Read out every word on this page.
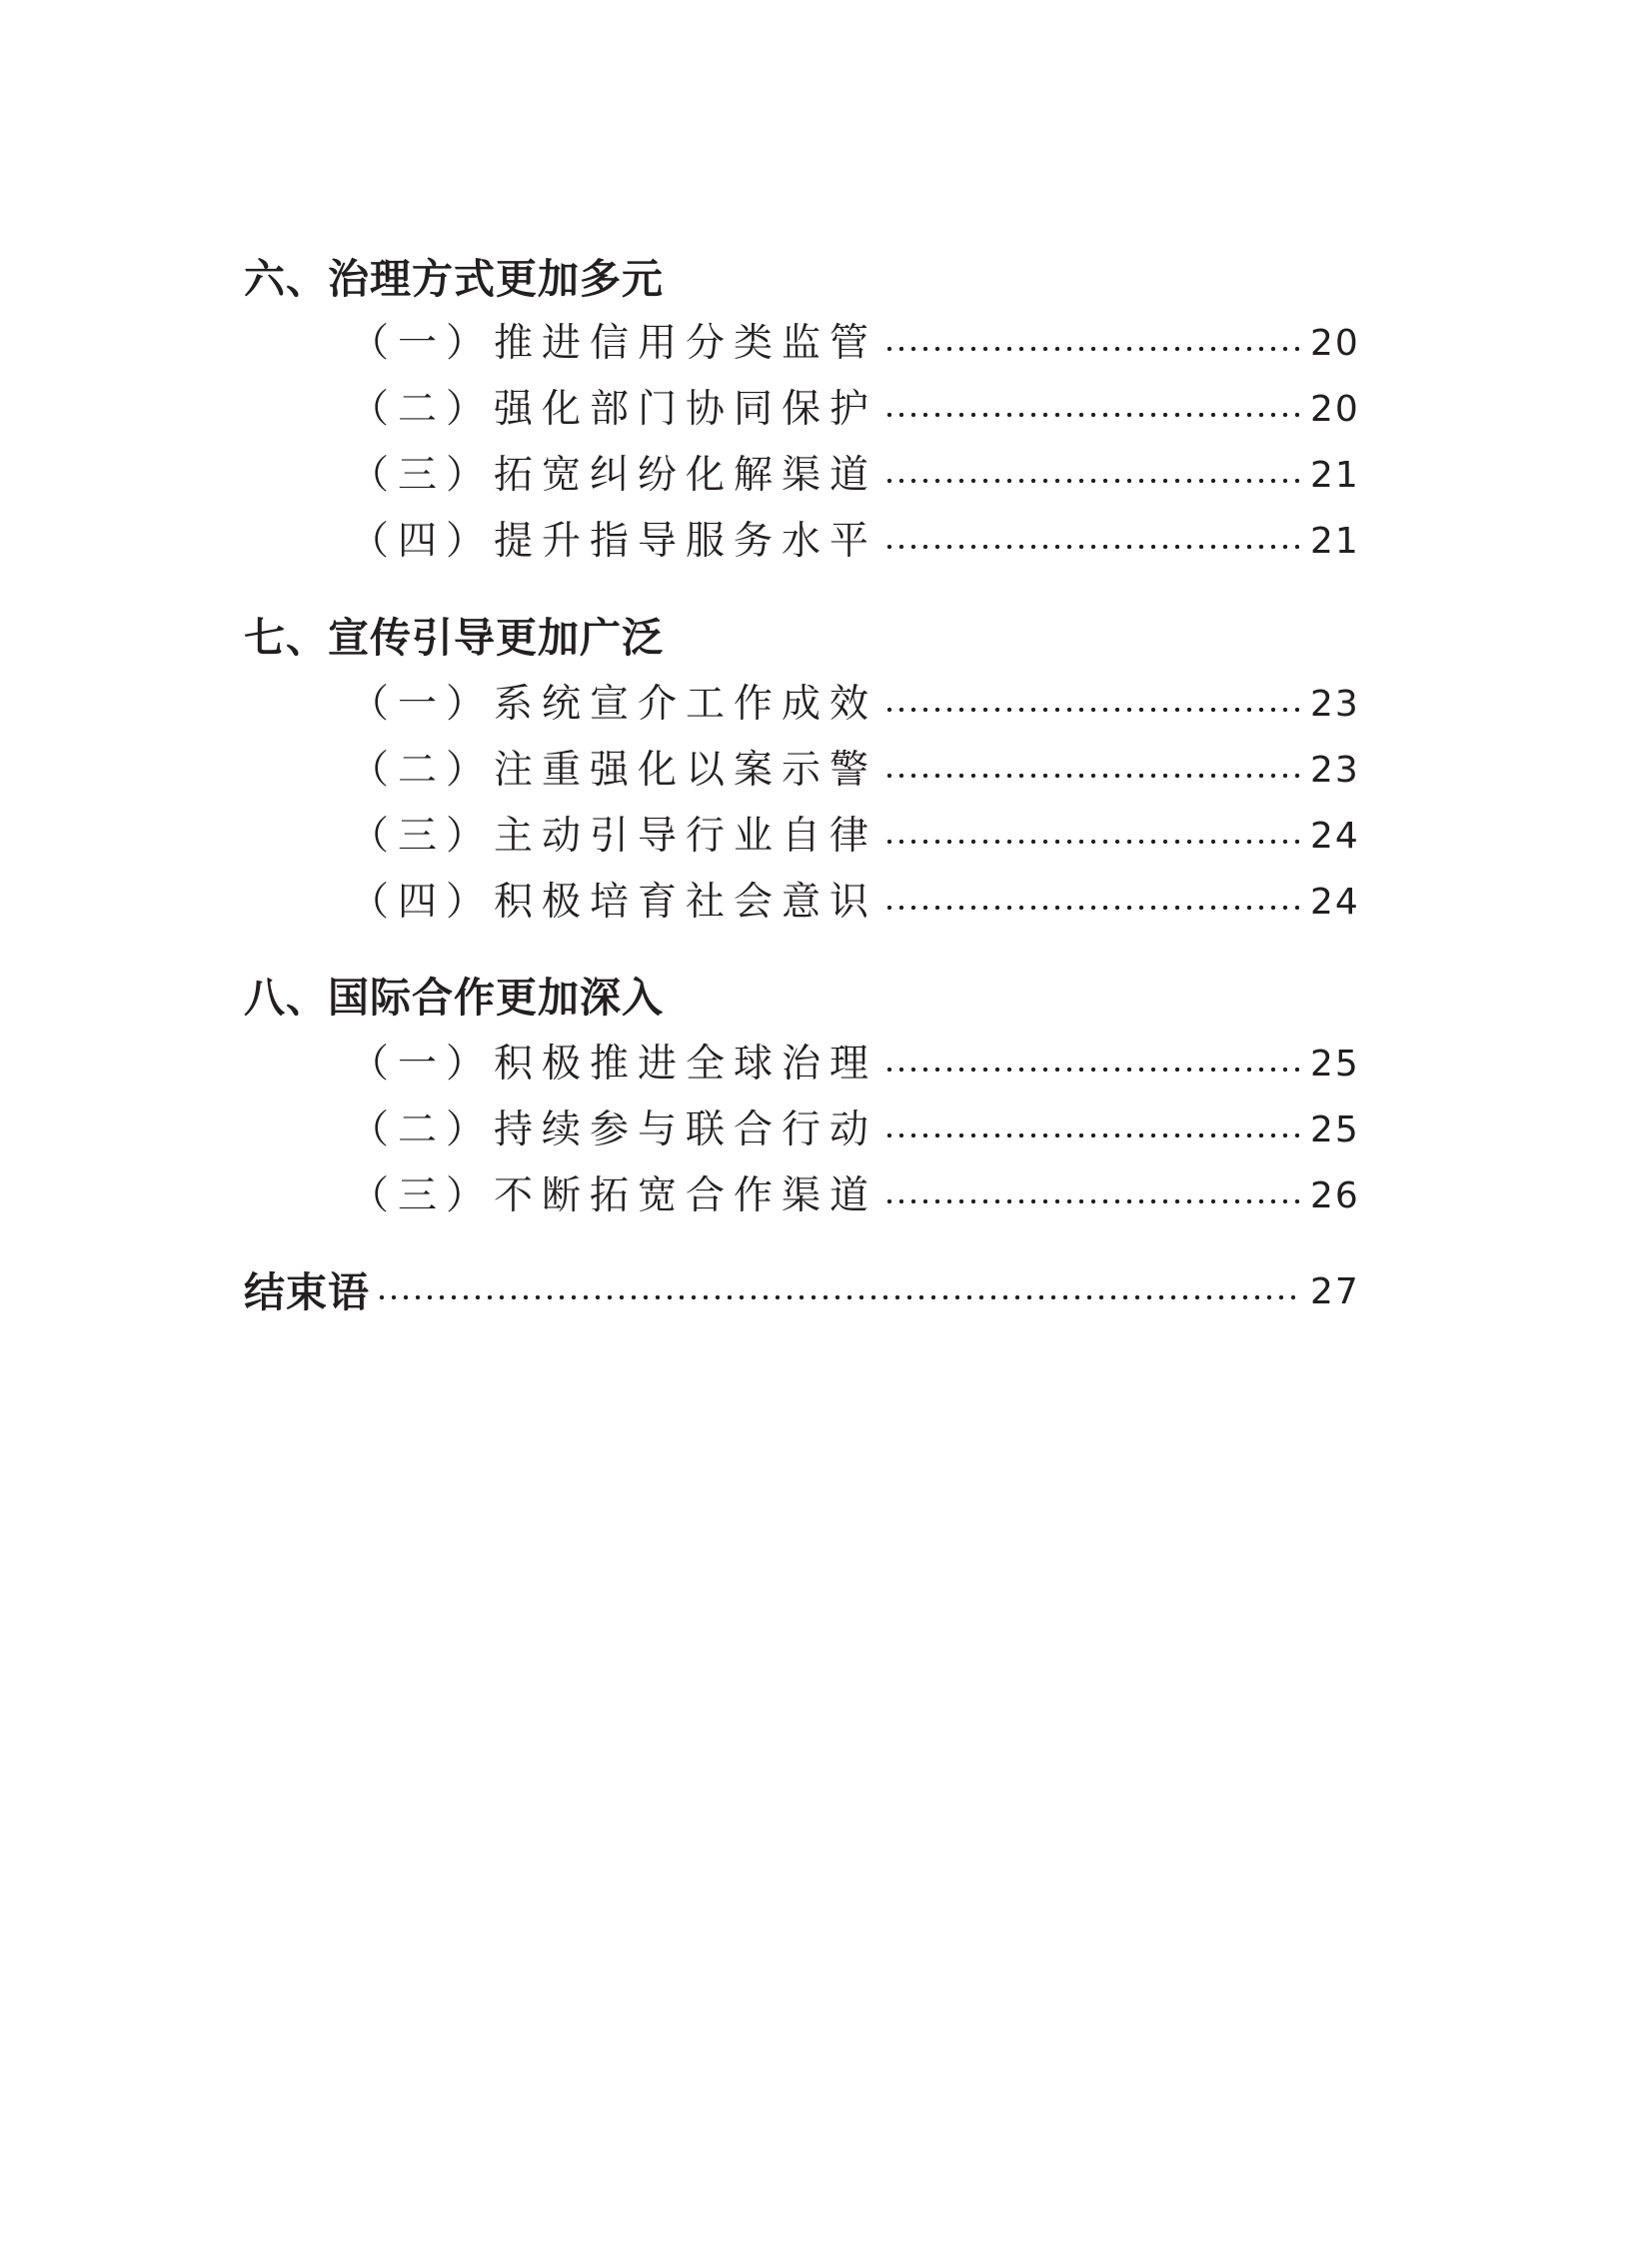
六、治理方式更加多元
（一）推进信用分类监管	20
（二）强化部门协同保护	20
（三）拓宽纠纷化解渠道	21
（四）提升指导服务水平	21
七、宣传引导更加广泛
（一）系统宣介工作成效	23
（二）注重强化以案示警	23
（三）主动引导行业自律	24
（四）积极培育社会意识	24
八、国际合作更加深入
（一）积极推进全球治理	25
（二）持续参与联合行动	25
（三）不断拓宽合作渠道	26
结束语	27
